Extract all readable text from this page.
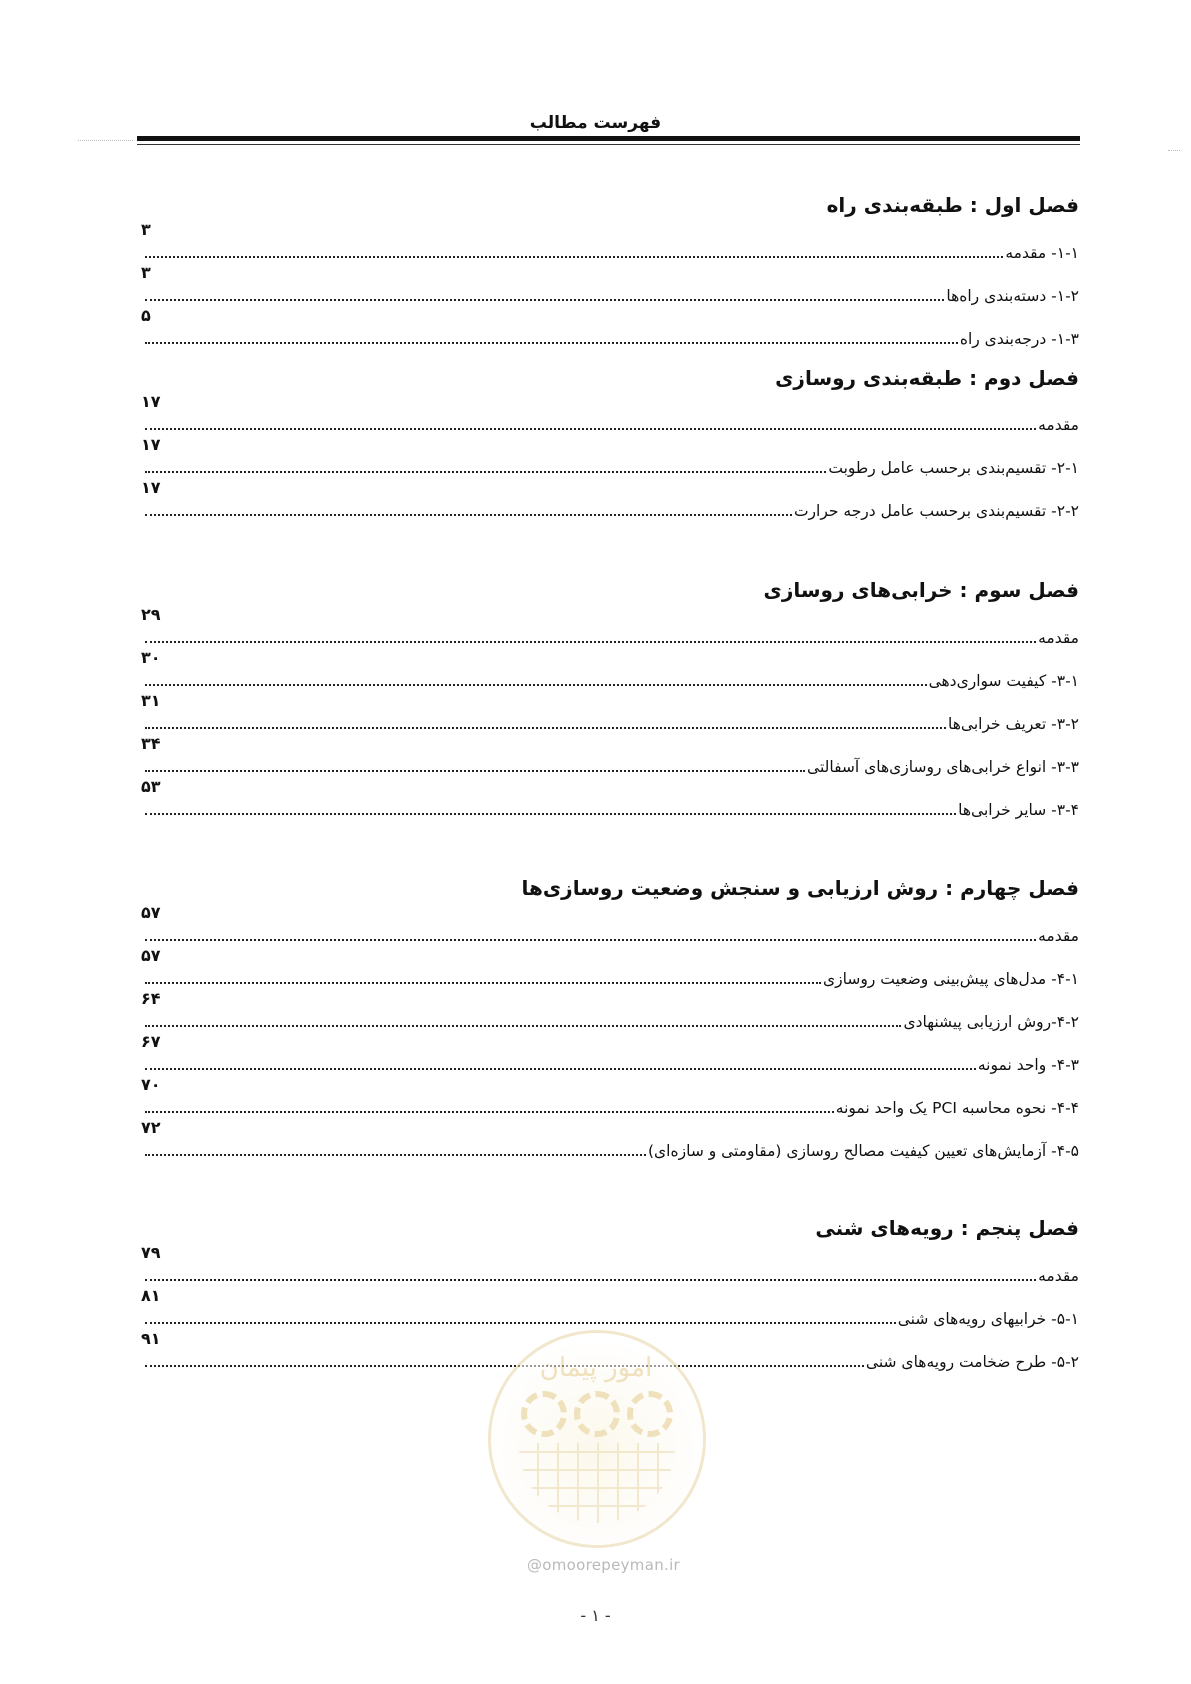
فهرست مطالب
فصل اول : طبقه‌بندی راه
۱-۱- مقدمه
۳
۱-۲- دسته‌بندی راه‌ها
۳
۱-۳- درجه‌بندی راه
۵
فصل دوم : طبقه‌بندی روسازی
مقدمه
۱۷
۲-۱- تقسیم‌بندی برحسب عامل رطوبت
۱۷
۲-۲- تقسیم‌بندی برحسب عامل درجه حرارت
۱۷
فصل سوم : خرابی‌های روسازی
مقدمه
۲۹
۳-۱- کیفیت سواری‌دهی
۳۰
۳-۲- تعریف خرابی‌ها
۳۱
۳-۳- انواع خرابی‌های روسازی‌های آسفالتی
۳۴
۳-۴- سایر خرابی‌ها
۵۳
فصل چهارم : روش ارزیابی و سنجش وضعیت روسازی‌ها
مقدمه
۵۷
۴-۱- مدل‌های پیش‌بینی وضعیت روسازی
۵۷
۴-۲-روش ارزیابی پیشنهادی
۶۴
۴-۳- واحد نمونه
۶۷
۴-۴- نحوه محاسبه PCI یک واحد نمونه
۷۰
۴-۵- آزمایش‌های تعیین کیفیت مصالح روسازی (مقاومتی و سازه‌ای)
۷۲
فصل پنجم : رویه‌های شنی
مقدمه
۷۹
۵-۱- خرابیهای رویه‌های شنی
۸۱
۵-۲- طرح ضخامت رویه‌های شنی
۹۱
امور پیمان
@omoorepeyman.ir
- ۱ -
